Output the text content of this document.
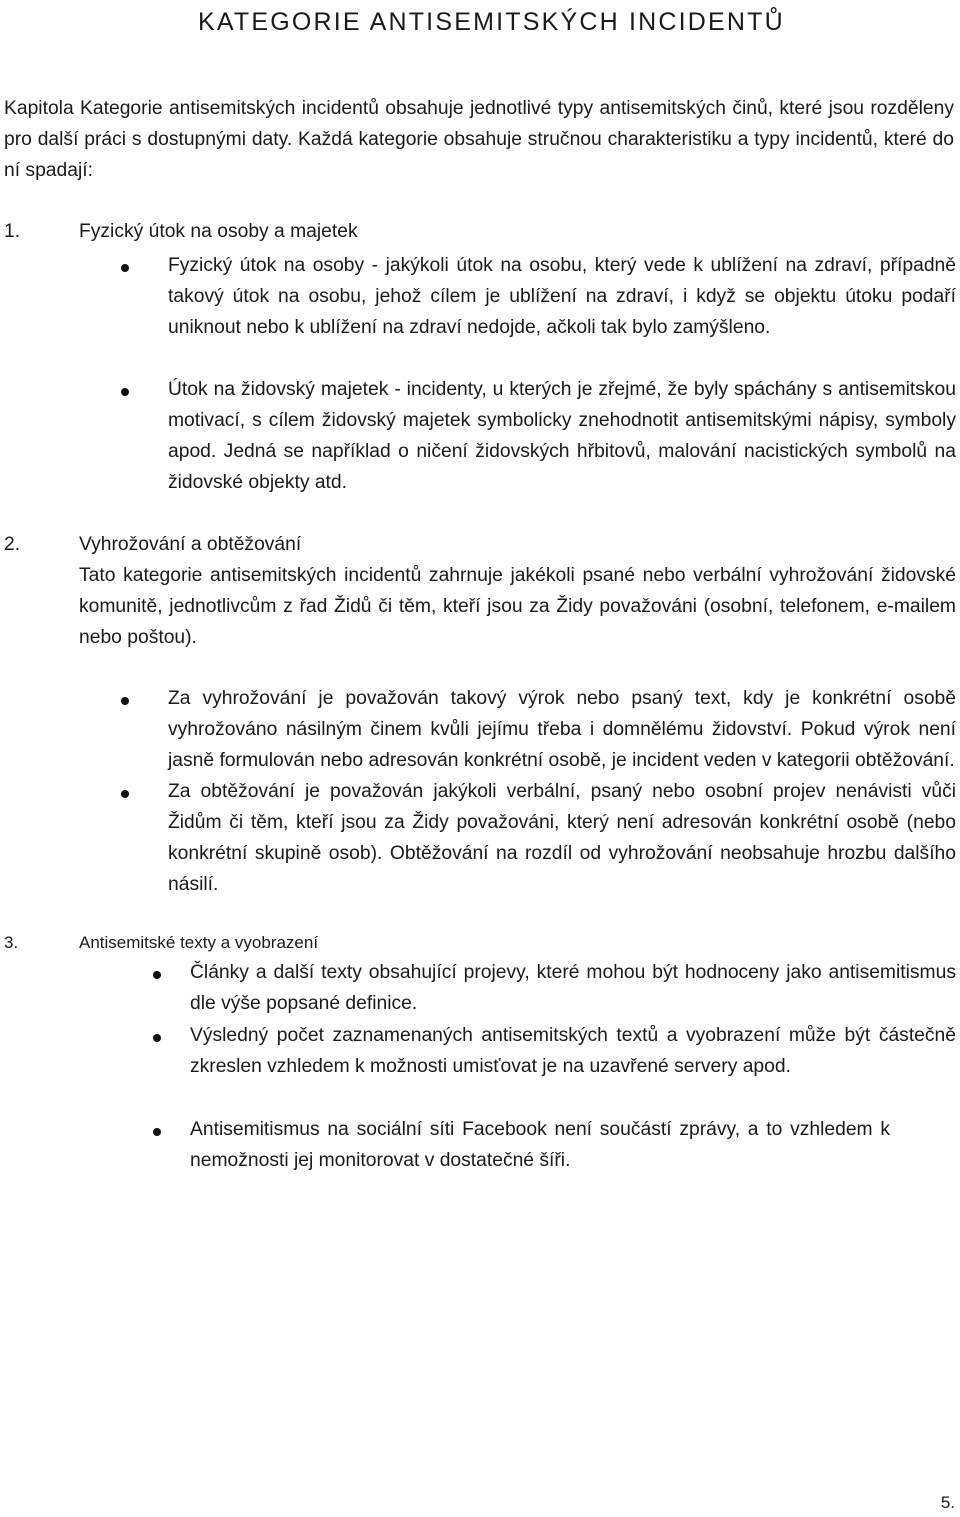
KATEGORIE ANTISEMITSKÝCH INCIDENTŮ

Kapitola Kategorie antisemitských incidentů obsahuje jednotlivé typy antisemitských činů, které jsou rozděleny pro další práci s dostupnými daty. Každá kategorie obsahuje stručnou charakteristiku a typy incidentů, které do ní spadají:

1.	Fyzický útok na osoby a majetek
Fyzický útok na osoby - jakýkoli útok na osobu, který vede k ublížení na zdraví, případně takový útok na osobu, jehož cílem je ublížení na zdraví, i když se objektu útoku podaří uniknout nebo k ublížení na zdraví nedojde, ačkoli tak bylo zamýšleno.
Útok na židovský majetek - incidenty, u kterých je zřejmé, že byly spáchány s antisemitskou motivací, s cílem židovský majetek symbolicky znehodnotit antisemitskými nápisy, symboly apod. Jedná se například o ničení židovských hřbitovů, malování nacistických symbolů na židovské objekty atd.
2.	Vyhrožování a obtěžování

Tato kategorie antisemitských incidentů zahrnuje jakékoli psané nebo verbální vyhrožování židovské komunitě, jednotlivcům z řad Židů či těm, kteří jsou za Židy považováni (osobní, telefonem, e-mailem nebo poštou).

Za vyhrožování je považován takový výrok nebo psaný text, kdy je konkrétní osobě vyhrožováno násilným činem kvůli jejímu třeba i domnělému židovství. Pokud výrok není jasně formulován nebo adresován konkrétní osobě, je incident veden v kategorii obtěžování.
Za obtěžování je považován jakýkoli verbální, psaný nebo osobní projev nenávisti vůči Židům či těm, kteří jsou za Židy považováni, který není adresován konkrétní osobě (nebo konkrétní skupině osob). Obtěžování na rozdíl od vyhrožování neobsahuje hrozbu dalšího násilí.
3.	Antisemitské texty a vyobrazení
Články a další texty obsahující projevy, které mohou být hodnoceny jako antisemitismus dle výše popsané definice.
Výsledný počet zaznamenaných antisemitských textů a vyobrazení může být částečně zkreslen vzhledem k možnosti umisťovat je na uzavřené servery apod.
Antisemitismus na sociální síti Facebook není součástí zprávy, a to vzhledem k nemožnosti jej monitorovat v dostatečné šíři.
5.
